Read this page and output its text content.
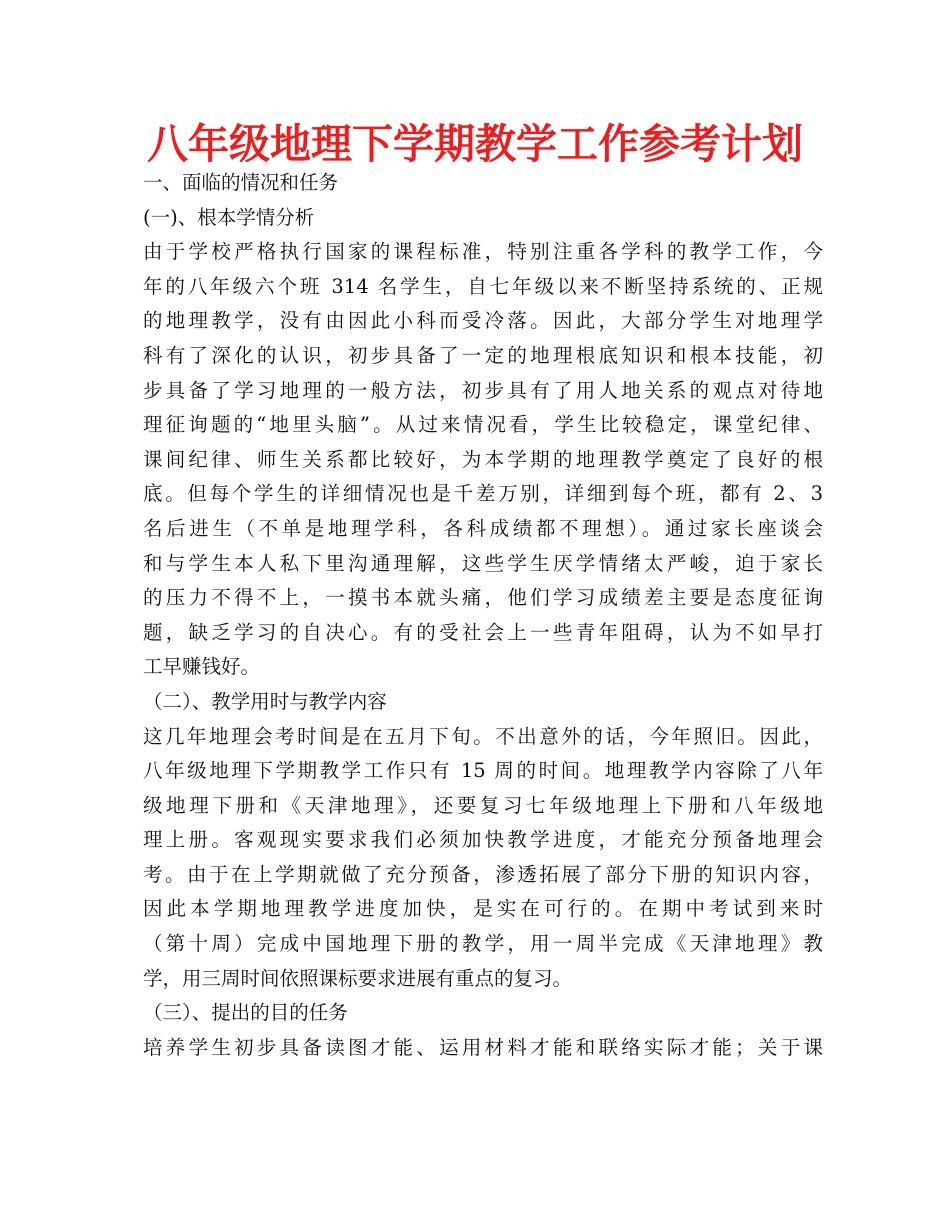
八年级地理下学期教学工作参考计划
一、面临的情况和任务
(一)、根本学情分析
由于学校严格执行国家的课程标准，特别注重各学科的教学工作，今
年的八年级六个班 314 名学生，自七年级以来不断坚持系统的、正规
的地理教学，没有由因此小科而受冷落。因此，大部分学生对地理学
科有了深化的认识，初步具备了一定的地理根底知识和根本技能，初
步具备了学习地理的一般方法，初步具有了用人地关系的观点对待地
理征询题的“地里头脑”。从过来情况看，学生比较稳定，课堂纪律、
课间纪律、师生关系都比较好，为本学期的地理教学奠定了良好的根
底。但每个学生的详细情况也是千差万别，详细到每个班，都有 2、3
名后进生（不单是地理学科，各科成绩都不理想）。通过家长座谈会
和与学生本人私下里沟通理解，这些学生厌学情绪太严峻，迫于家长
的压力不得不上，一摸书本就头痛，他们学习成绩差主要是态度征询
题，缺乏学习的自决心。有的受社会上一些青年阻碍，认为不如早打
工早赚钱好。
（二）、教学用时与教学内容
这几年地理会考时间是在五月下旬。不出意外的话，今年照旧。因此，
八年级地理下学期教学工作只有 15 周的时间。地理教学内容除了八年
级地理下册和《天津地理》，还要复习七年级地理上下册和八年级地
理上册。客观现实要求我们必须加快教学进度，才能充分预备地理会
考。由于在上学期就做了充分预备，渗透拓展了部分下册的知识内容，
因此本学期地理教学进度加快，是实在可行的。在期中考试到来时
（第十周）完成中国地理下册的教学，用一周半完成《天津地理》教
学，用三周时间依照课标要求进展有重点的复习。
（三）、提出的目的任务
培养学生初步具备读图才能、运用材料才能和联络实际才能；关于课
